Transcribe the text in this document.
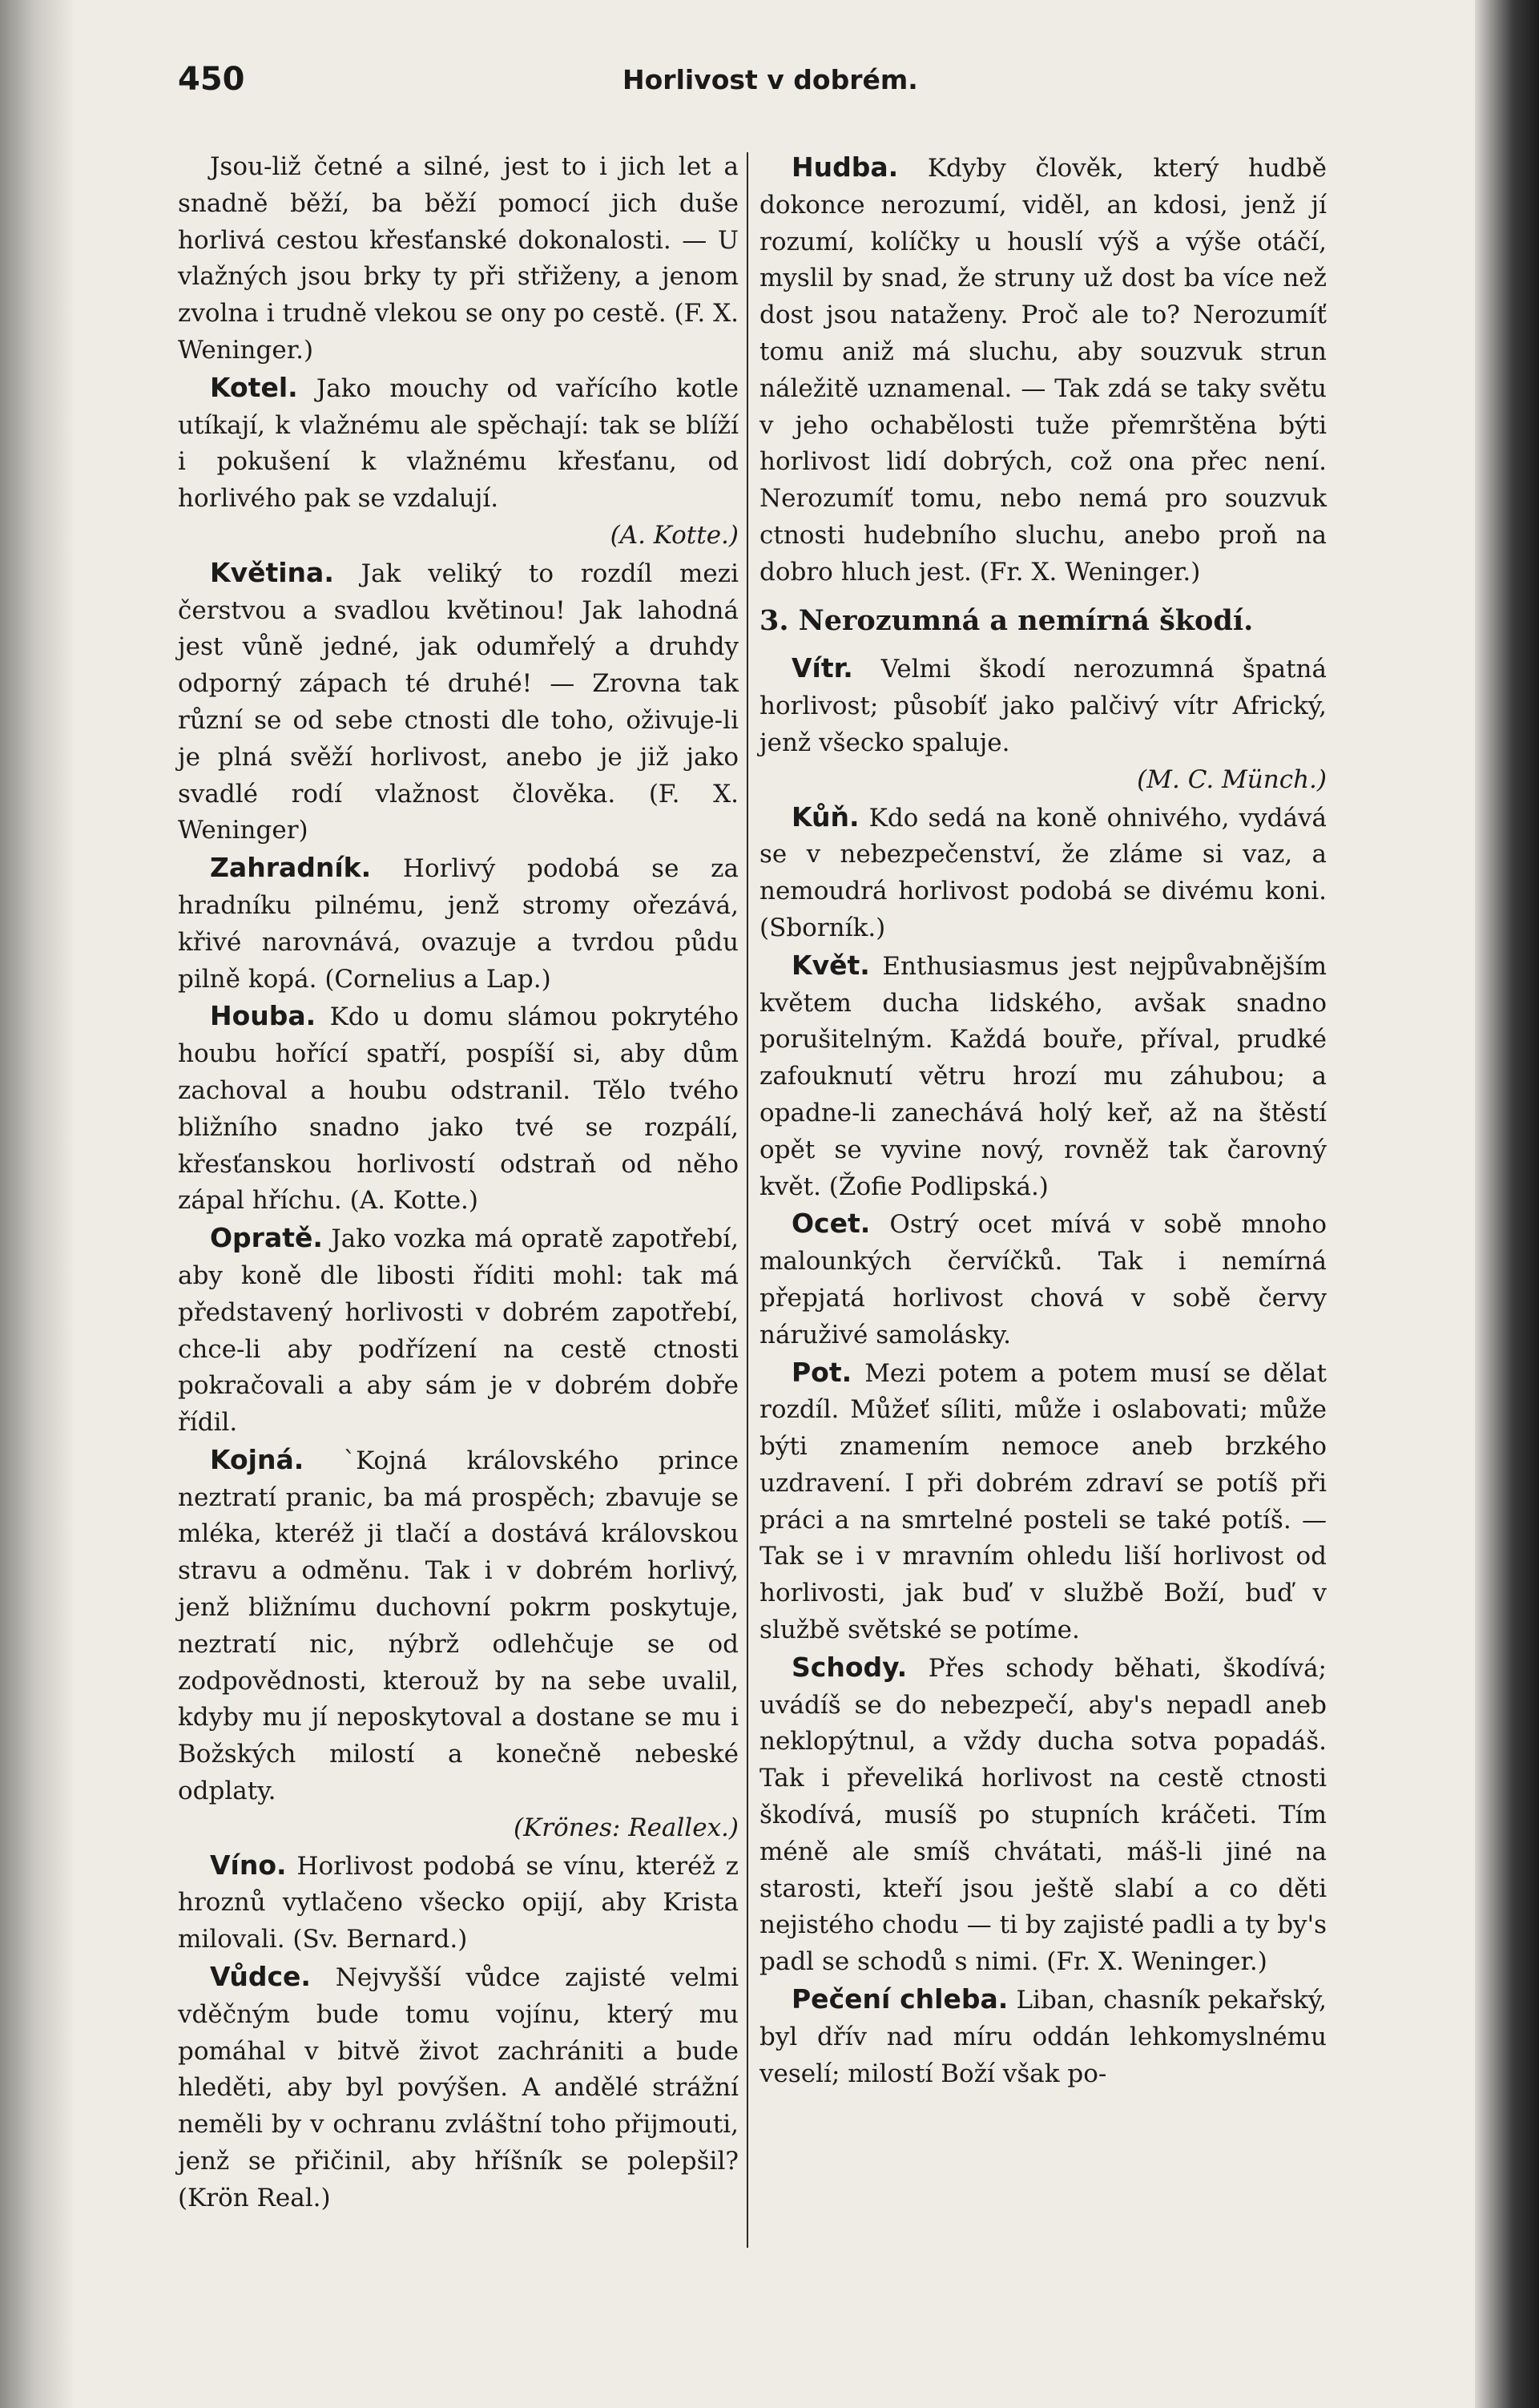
450	Horlivost v dobrém.

Jsou-liž četné a silné, jest to i jich let a snadně běží, ba běží pomocí jich duše horlivá cestou křesťanské dokonalosti. — U vlažných jsou brky ty při střiženy, a jenom zvolna i trudně vlekou se ony po cestě. (F. X. Weninger.)

Kotel. Jako mouchy od vařícího kotle utíkají, k vlažnému ale spěchají: tak se blíží i pokušení k vlažnému křesťanu, od horlivého pak se vzdalují.

(A. Kotte.)

Květina. Jak veliký to rozdíl mezi čerstvou a svadlou květinou! Jak lahodná jest vůně jedné, jak odumřelý a druhdy odporný zápach té druhé! — Zrovna tak různí se od sebe ctnosti dle toho, oživuje-li je plná svěží horlivost, anebo je již jako svadlé rodí vlažnost člověka. (F. X. Weninger)

Zahradník. Horlivý podobá se za hradníku pilnému, jenž stromy ořezává, křivé narovnává, ovazuje a tvrdou půdu pilně kopá. (Cornelius a Lap.)

Houba. Kdo u domu slámou pokrytého houbu hořící spatří, pospíší si, aby dům zachoval a houbu odstranil. Tělo tvého bližního snadno jako tvé se rozpálí, křesťanskou horlivostí odstraň od něho zápal hříchu. (A. Kotte.)

Opratě. Jako vozka má opratě zapotřebí, aby koně dle libosti říditi mohl: tak má představený horlivosti v dobrém zapotřebí, chce-li aby podřízení na cestě ctnosti pokračovali a aby sám je v dobrém dobře řídil.

Kojná. `Kojná královského prince neztratí pranic, ba má prospěch; zbavuje se mléka, kteréž ji tlačí a dostává královskou stravu a odměnu. Tak i v dobrém horlivý, jenž bližnímu duchovní pokrm poskytuje, neztratí nic, nýbrž odlehčuje se od zodpovědnosti, kterouž by na sebe uvalil, kdyby mu jí neposkytoval a dostane se mu i Božských milostí a konečně nebeské odplaty.

(Krönes: Reallex.)

Víno. Horlivost podobá se vínu, kteréž z hroznů vytlačeno všecko opijí, aby Krista milovali. (Sv. Bernard.)

Vůdce. Nejvyšší vůdce zajisté velmi vděčným bude tomu vojínu, který mu pomáhal v bitvě život zachrániti a bude hleděti, aby byl povýšen. A andělé strážní neměli by v ochranu zvláštní toho přijmouti, jenž se přičinil, aby hříšník se polepšil? (Krön Real.)

Hudba. Kdyby člověk, který hudbě dokonce nerozumí, viděl, an kdosi, jenž jí rozumí, kolíčky u houslí výš a výše otáčí, myslil by snad, že struny už dost ba více než dost jsou nataženy. Proč ale to? Nerozumíť tomu aniž má sluchu, aby souzvuk strun náležitě uznamenal. — Tak zdá se taky světu v jeho ochabělosti tuže přemrštěna býti horlivost lidí dobrých, což ona přec není. Nerozumíť tomu, nebo nemá pro souzvuk ctnosti hudebního sluchu, anebo proň na dobro hluch jest. (Fr. X. Weninger.)

3. Nerozumná a nemírná škodí.

Vítr. Velmi škodí nerozumná špatná horlivost; působíť jako palčivý vítr Africký, jenž všecko spaluje.

(M. C. Münch.)

Kůň. Kdo sedá na koně ohnivého, vydává se v nebezpečenství, že zláme si vaz, a nemoudrá horlivost podobá se divému koni. (Sborník.)

Květ. Enthusiasmus jest nejpůvabnějším květem ducha lidského, avšak snadno porušitelným. Každá bouře, příval, prudké zafouknutí větru hrozí mu záhubou; a opadne-li zanechává holý keř, až na štěstí opět se vyvine nový, rovněž tak čarovný květ. (Žofie Podlipská.)

Ocet. Ostrý ocet mívá v sobě mnoho malounkých červíčků. Tak i nemírná přepjatá horlivost chová v sobě červy náruživé samolásky.

Pot. Mezi potem a potem musí se dělat rozdíl. Můžeť síliti, může i oslabovati; může býti znamením nemoce aneb brzkého uzdravení. I při dobrém zdraví se potíš při práci a na smrtelné posteli se také potíš. — Tak se i v mravním ohledu liší horlivost od horlivosti, jak buď v službě Boží, buď v službě světské se potíme.

Schody. Přes schody běhati, škodívá; uvádíš se do nebezpečí, aby's nepadl aneb neklopýtnul, a vždy ducha sotva popadáš. Tak i převeliká horlivost na cestě ctnosti škodívá, musíš po stupních kráčeti. Tím méně ale smíš chvátati, máš-li jiné na starosti, kteří jsou ještě slabí a co děti nejistého chodu — ti by zajisté padli a ty by's padl se schodů s nimi. (Fr. X. Weninger.)

Pečení chleba. Liban, chasník pekařský, byl dřív nad míru oddán lehkomyslnému veselí; milostí Boží však po-
